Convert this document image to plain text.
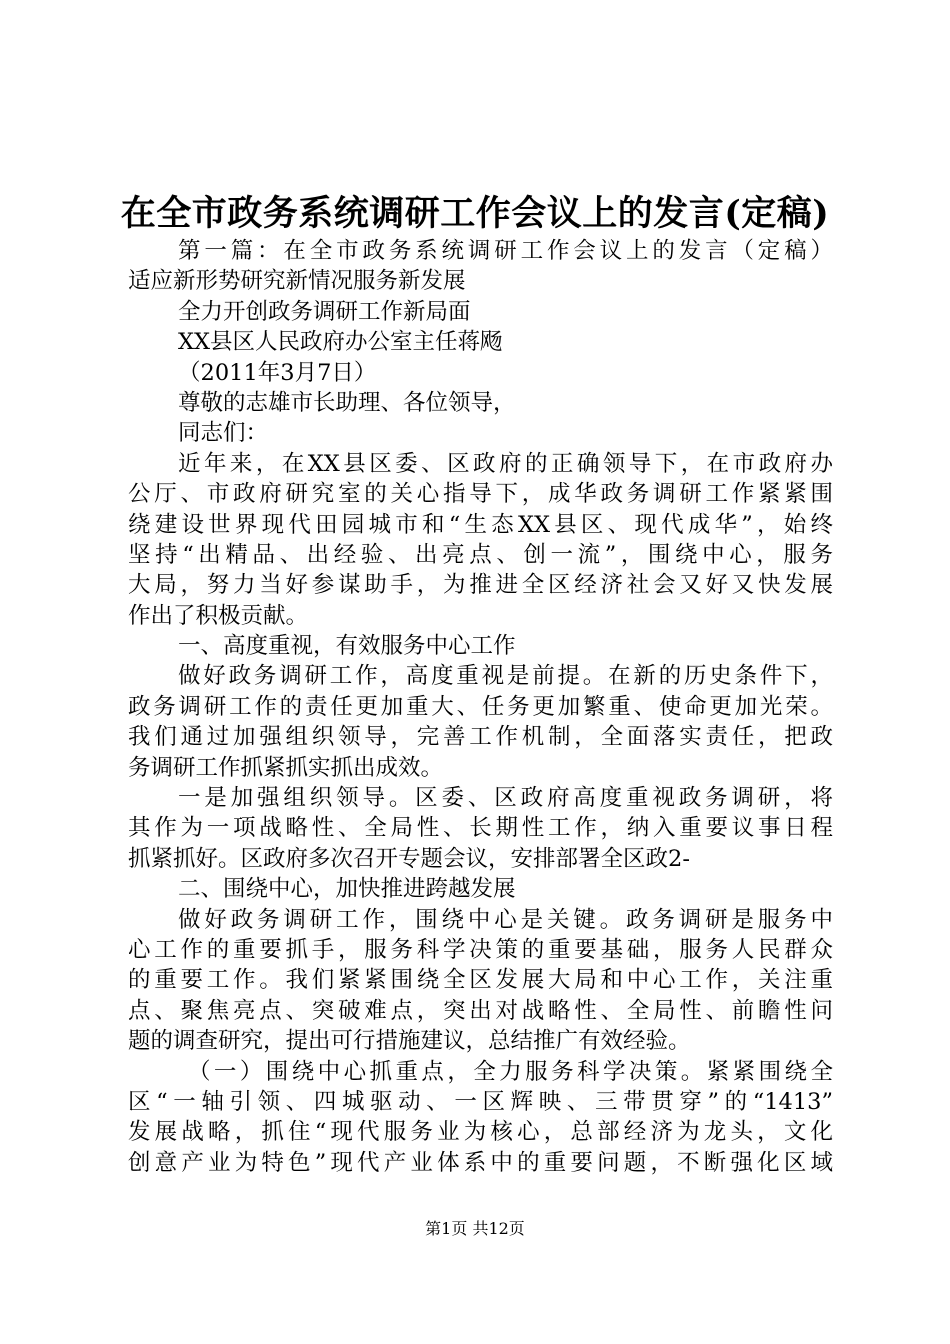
在全市政务系统调研工作会议上的发言(定稿)
第一篇：在全市政务系统调研工作会议上的发言（定稿）
适应新形势研究新情况服务新发展
全力开创政务调研工作新局面
XX县区人民政府办公室主任蒋飏
（2011年3月7日）
尊敬的志雄市长助理、各位领导，
同志们：
近年来，在XX县区委、区政府的正确领导下，在市政府办
公厅、市政府研究室的关心指导下，成华政务调研工作紧紧围
绕建设世界现代田园城市和“生态XX县区、现代成华”，始终
坚持“出精品、出经验、出亮点、创一流”，围绕中心，服务
大局，努力当好参谋助手，为推进全区经济社会又好又快发展
作出了积极贡献。
一、高度重视，有效服务中心工作
做好政务调研工作，高度重视是前提。在新的历史条件下，
政务调研工作的责任更加重大、任务更加繁重、使命更加光荣。
我们通过加强组织领导，完善工作机制，全面落实责任，把政
务调研工作抓紧抓实抓出成效。
一是加强组织领导。区委、区政府高度重视政务调研，将
其作为一项战略性、全局性、长期性工作，纳入重要议事日程
抓紧抓好。区政府多次召开专题会议，安排部署全区政2-
二、围绕中心，加快推进跨越发展
做好政务调研工作，围绕中心是关键。政务调研是服务中
心工作的重要抓手，服务科学决策的重要基础，服务人民群众
的重要工作。我们紧紧围绕全区发展大局和中心工作，关注重
点、聚焦亮点、突破难点，突出对战略性、全局性、前瞻性问
题的调查研究，提出可行措施建议，总结推广有效经验。
（一）围绕中心抓重点，全力服务科学决策。紧紧围绕全
区“一轴引领、四城驱动、一区辉映、三带贯穿”的“1413”
发展战略，抓住“现代服务业为核心，总部经济为龙头，文化
创意产业为特色”现代产业体系中的重要问题，不断强化区域
第1页 共12页
